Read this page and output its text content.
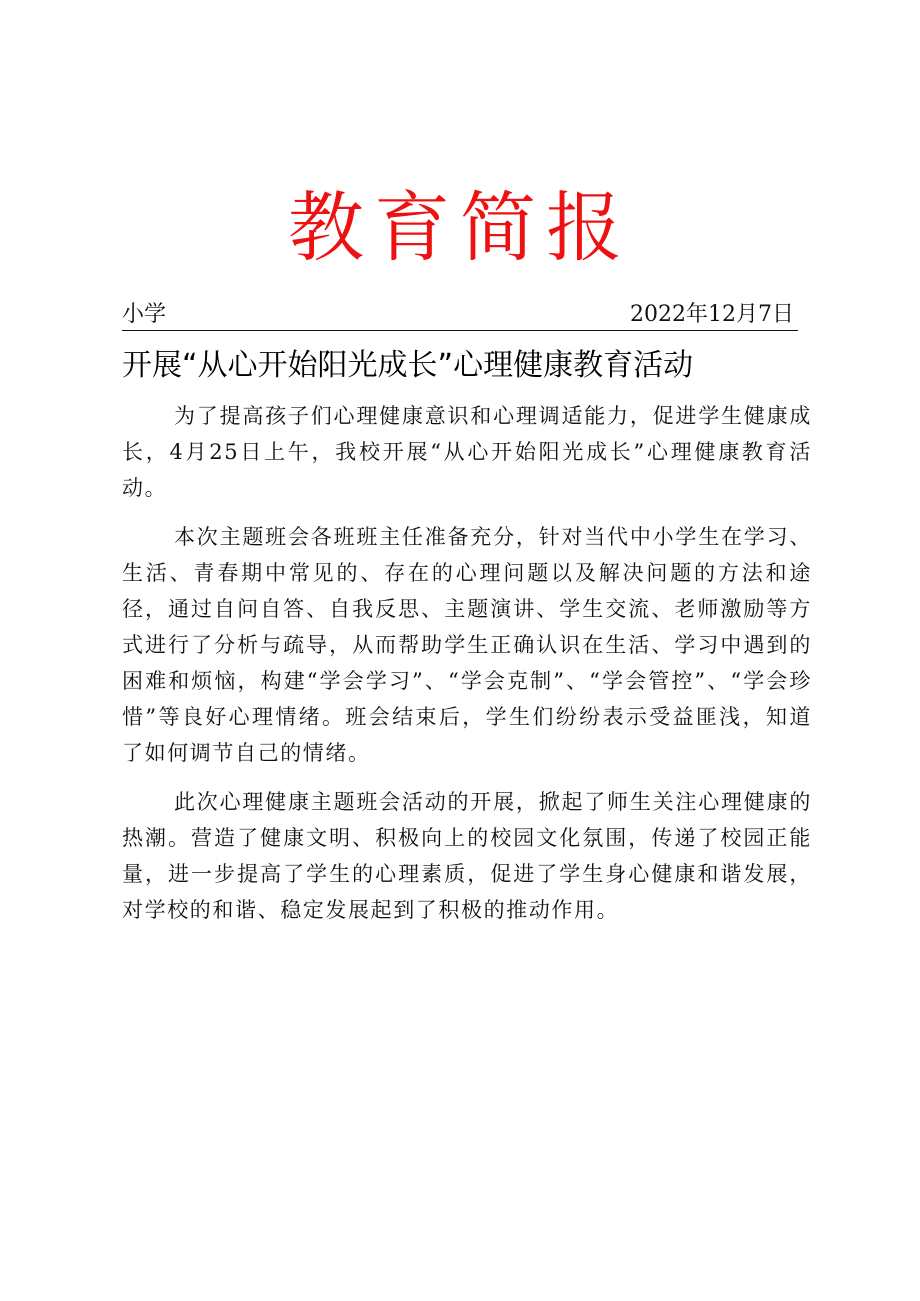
教育简报
小学	2022年12月7日
开展“从心开始阳光成长”心理健康教育活动

为了提高孩子们心理健康意识和心理调适能力，促进学生健康成长，4月25日上午，我校开展“从心开始阳光成长”心理健康教育活动。

本次主题班会各班班主任准备充分，针对当代中小学生在学习、生活、青春期中常见的、存在的心理问题以及解决问题的方法和途径，通过自问自答、自我反思、主题演讲、学生交流、老师激励等方式进行了分析与疏导，从而帮助学生正确认识在生活、学习中遇到的困难和烦恼，构建“学会学习”、“学会克制”、“学会管控”、“学会珍惜”等良好心理情绪。班会结束后，学生们纷纷表示受益匪浅，知道了如何调节自己的情绪。

此次心理健康主题班会活动的开展，掀起了师生关注心理健康的热潮。营造了健康文明、积极向上的校园文化氛围，传递了校园正能量，进一步提高了学生的心理素质，促进了学生身心健康和谐发展，对学校的和谐、稳定发展起到了积极的推动作用。
